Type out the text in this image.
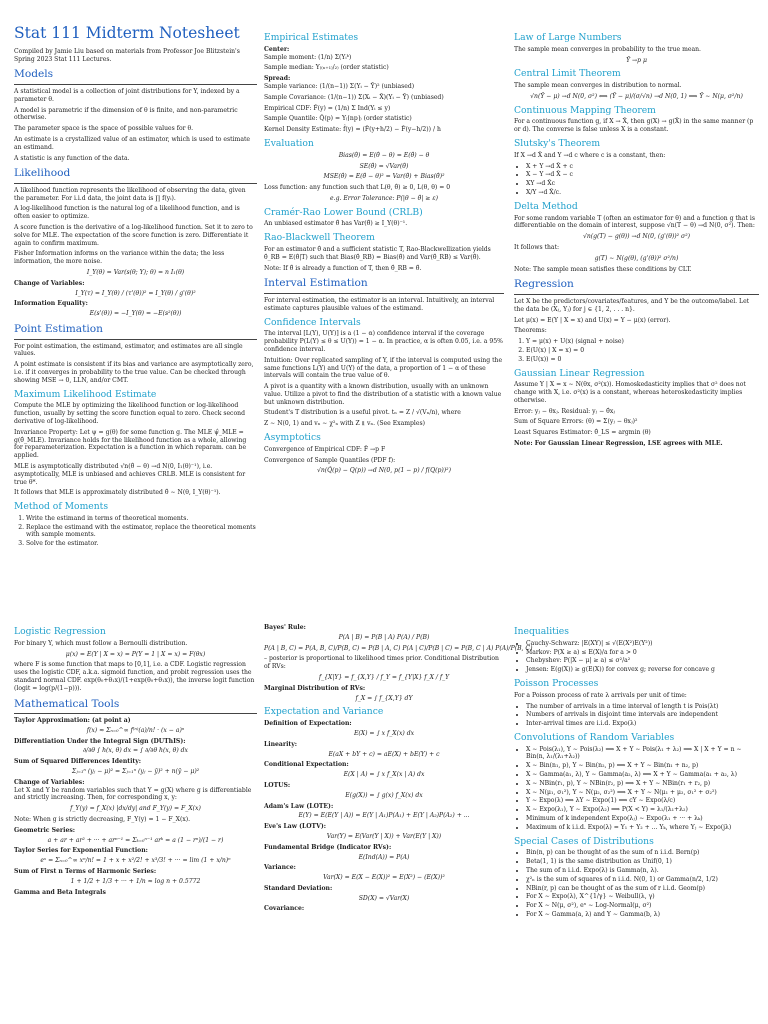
Stat 111 Midterm Notesheet
Compiled by Jamie Liu based on materials from Professor Joe Blitzstein's Spring 2023 Stat 111 Lectures.
Models
A statistical model is a collection of joint distributions for Y, indexed by a parameter θ.
A model is parametric if the dimension of θ is finite, and non-parametric otherwise.
The parameter space is the space of possible values for θ.
An estimate is a crystallized value of an estimator, which is used to estimate an estimand.
A statistic is any function of the data.
Likelihood
A likelihood function represents the likelihood of observing the data, given the parameter. For i.i.d data, the joint data is ∏ f(yᵢ).
A log-likelihood function is the natural log of a likelihood function, and is often easier to optimize.
A score function is the derivative of a log-likelihood function. Set it to zero to solve for MLE. The expectation of the score function is zero. Differentiate it again to confirm maximum.
Fisher Information informs on the variance within the data; the less information, the more noise.
I_Y(θ) = Var(s(θ; Y); θ) = n I₁(θ)
Change of Variables:
I_Y(τ) = I_Y(θ) / (τ'(θ))² = I_Y(θ) / g'(θ)²
Information Equality:
E(s'(θ)) = −I_Y(θ) = −E(s²(θ))
Point Estimation
For point estimation, the estimand, estimator, and estimates are all single values.
A point estimate is consistent if its bias and variance are asymptotically zero, i.e. if it converges in probability to the true value. Can be checked through showing MSE → 0, LLN, and/or CMT.
Maximum Likelihood Estimate
Compute the MLE by optimizing the likelihood function or log-likelihood function, usually by setting the score function equal to zero. Check second derivative of log-likelihood.
Invariance Property: Let ψ = g(θ) for some function g. The MLE ψ̂_MLE = g(θ̂_MLE). Invariance holds for the likelihood function as a whole, allowing for reparameterization. Expectation is a function in which reparam. can be applied.
MLE is asymptotically distributed √n(θ̂ − θ) →d N(0, I₁(θ)⁻¹), i.e. asymptotically, MLE is unbiased and achieves CRLB. MLE is consistent for true θ*.
It follows that MLE is approximately distributed θ̂ ∼ N(θ, I_Y(θ)⁻¹).
Method of Moments
1. Write the estimand in terms of theoretical moments.
2. Replace the estimand with the estimator, replace the theoretical moments with sample moments.
3. Solve for the estimator.
Empirical Estimates
Center:
Sample moment: (1/n) Σ(Yᵢᵏ)
Sample median: Y₍₍ₙ₊₁₎/₂₎ (order statistic)
Spread:
Sample variance: (1/(n−1)) Σ(Yᵢ − Ȳ)² (unbiased)
Sample Covariance: (1/(n−1)) Σ(Xᵢ − X̄)(Yᵢ − Ȳ) (unbiased)
Empirical CDF: F̂(y) = (1/n) Σ Ind(Yᵢ ≤ y)
Sample Quantile: Q̂(p) = Y₍⌈np⌉₎ (order statistic)
Kernel Density Estimate: f̂(y) = (F̂(y+h/2) − F̂(y−h/2)) / h
Evaluation
Bias(θ̂) = E(θ̂ − θ) = E(θ̂) − θ
SE(θ̂) = √Var(θ̂)
MSE(θ̂) = E(θ̂ − θ)² = Var(θ̂) + Bias(θ̂)²
Loss function: any function such that L(θ, θ̂) ≥ 0, L(θ, θ) = 0
e.g. Error Tolerance: P(|θ − θ̂| ≥ ε)
Cramér-Rao Lower Bound (CRLB)
An unbiased estimator θ̂ has Var(θ̂) ≥ I_Y(θ)⁻¹.
Rao-Blackwell Theorem
For an estimator θ̂ and a sufficient statistic T, Rao-Blackwellization yields θ̂_RB = E(θ̂|T) such that Bias(θ̂_RB) = Bias(θ̂) and Var(θ̂_RB) ≤ Var(θ̂).
Note: If θ̂ is already a function of T, then θ̂_RB = θ̂.
Interval Estimation
For interval estimation, the estimator is an interval. Intuitively, an interval estimate captures plausible values of the estimand.
Confidence Intervals
The interval [L(Y), U(Y)] is a (1 − α) confidence interval if the coverage probability P(L(Y) ≤ θ ≤ U(Y)) = 1 − α. In practice, α is often 0.05, i.e. a 95% confidence interval.
Intuition: Over replicated sampling of Y, if the interval is computed using the same functions L(Y) and U(Y) of the data, a proportion of 1 − α of these intervals will contain the true value of θ.
A pivot is a quantity with a known distribution, usually with an unknown value. Utilize a pivot to find the distribution of a statistic with a known value but unknown distribution.
Student's T distribution is a useful pivot. tₙ = Z / √(Vₙ/n), where
Z ∼ N(0, 1) and vₙ ∼ χ²ₙ with Z ⫫ vₙ. (See Examples)
Asymptotics
Convergence of Empirical CDF: F̂ →p F
Convergence of Sample Quantiles (PDF f):
√n(Q̂(p) − Q(p)) →d N(0, p(1 − p) / f(Q(p))²)
Law of Large Numbers
The sample mean converges in probability to the true mean.
Ȳ →p μ
Central Limit Theorem
The sample mean converges in distribution to normal.
√n(Ȳ − μ) →d N(0, σ²) ⟺ (Ȳ − μ)/(σ/√n) →d N(0, 1) ⟹ Ȳ ∼ N(μ, σ²/n)
Continuous Mapping Theorem
For a continuous function g, if X → X̂, then g(X) → g(X̂) in the same manner (p or d). The converse is false unless X is a constant.
Slutsky's Theorem
If X →d X̂ and Y →d c where c is a constant, then:
• X + Y →d X̂ + c
• X − Y →d X̂ − c
• XY →d X̂c
• X/Y →d X̂/c.
Delta Method
For some random variable T (often an estimator for θ) and a function g that is differentiable on the domain of interest, suppose √n(T − θ) →d N(0, σ²). Then:
√n(g(T) − g(θ)) →d N(0, (g'(θ))² σ²)
It follows that:
g(T) ∼ N(g(θ), (g'(θ))² σ²/n)
Note: The sample mean satisfies these conditions by CLT.
Regression
Let X be the predictors/covariates/features, and Y be the outcome/label. Let the data be (Xⱼ, Yⱼ) for j ∈ {1, 2, . . . n}.
Let μ(x) = E(Y | X = x) and U(x) = Y − μ(x) (error).
Theorems:
1. Y = μ(x) + U(x) (signal + noise)
2. E(U(x) | X = x) = 0
3. E(U(x)) = 0
Gaussian Linear Regression
Assume Y | X = x ∼ N(θx, σ²(x)). Homoskedasticity implies that σ² does not change with X, i.e. σ²(x) is a constant, whereas heteroskedasticity implies otherwise.
Error: yⱼ − θxⱼ. Residual: yⱼ − θ̂xⱼ
Sum of Square Errors: (θ) = Σ(yⱼ − θxⱼ)²
Least Squares Estimator: θ̂_LS = argmin (θ)
Note: For Gaussian Linear Regression, LSE agrees with MLE.
Logistic Regression
For binary Y, which must follow a Bernoulli distribution.
μ(x) = E(Y | X = x) = P(Y = 1 | X = x) = F(θx)
where F is some function that maps to [0,1], i.e. a CDF. Logistic regression uses the logistic CDF, a.k.a. sigmoid function, and probit regression uses the standard normal CDF. exp(θ₀+θ₁x)/(1+exp(θ₀+θ₁x)), the inverse logit function (logit = log(p/(1−p))).
Mathematical Tools
Taylor Approximation: (at point a)
f(x) ≈ Σₙ₌₀^∞ f⁽ⁿ⁾(a)/n! · (x − a)ⁿ
Differentiation Under the Integral Sign (DUThIS):
∂/∂θ ∫ h(x, θ) dx = ∫ ∂/∂θ h(x, θ) dx
Sum of Squared Differences Identity:
Σⱼ₌₁ⁿ (yⱼ − μ)² = Σⱼ₌₁ⁿ (yⱼ − ȳ)² + n(ȳ − μ)²
Change of Variables:
Let X and Y be random variables such that Y = g(X) where g is differentiable and strictly increasing. Then, for corresponding x, y:
f_Y(y) = f_X(x) |dx/dy| and F_Y(y) = F_X(x)
Note: When g is strictly decreasing, F_Y(y) = 1 − F_X(x).
Geometric Series:
a + ar + ar² + ··· + arⁿ⁻¹ = Σₖ₌₀ⁿ⁻¹ arᵏ = a (1 − rⁿ)/(1 − r)
Taylor Series for Exponential Function:
eˣ = Σₙ₌₀^∞ xⁿ/n! = 1 + x + x²/2! + x³/3! + ··· = lim (1 + x/n)ⁿ
Sum of First n Terms of Harmonic Series:
1 + 1/2 + 1/3 + ··· + 1/n ≈ log n + 0.5772
Gamma and Beta Integrals
Bayes' Rule:
P(A | B) = P(B | A) P(A) / P(B)
P(A | B, C) = P(A, B, C)/P(B, C) = P(B | A, C) P(A | C)/P(B | C) = P(B, C | A) P(A)/P(B, C)
– posterior is proportional to likelihood times prior. Conditional Distribution of RVs:
f_{X|Y} = f_{X,Y} / f_Y = f_{Y|X} f_X / f_Y
Marginal Distribution of RVs:
f_X = ∫ f_{X,Y} dY
Expectation and Variance
Definition of Expectation:
E(X) = ∫ x f_X(x) dx
Linearity:
E(aX + bY + c) = aE(X) + bE(Y) + c
Conditional Expectation:
E(X | A) = ∫ x f_X(x | A) dx
LOTUS:
E(g(X)) = ∫ g(x) f_X(x) dx
Adam's Law (LOTE):
E(Y) = E(E(Y | A)) = E(Y | A₁)P(A₁) + E(Y | A₂)P(A₂) + ...
Eve's Law (LOTV):
Var(Y) = E(Var(Y | X)) + Var(E(Y | X))
Fundamental Bridge (Indicator RVs):
E(Ind(A)) = P(A)
Variance:
Var(X) = E(X − E(X))² = E(X²) − (E(X))²
Standard Deviation:
SD(X) = √Var(X)
Covariance:
Inequalities
• Cauchy-Schwarz: |E(XY)| ≤ √(E(X²)E(Y²))
• Markov: P(X ≥ a) ≤ E(X)/a for a > 0
• Chebyshev: P(|X − μ| ≥ a) ≤ σ²/a²
• Jensen: E(g(X)) ≥ g(E(X)) for convex g; reverse for concave g
Poisson Processes
For a Poisson process of rate λ arrivals per unit of time:
• The number of arrivals in a time interval of length t is Pois(λt)
• Numbers of arrivals in disjoint time intervals are independent
• Inter-arrival times are i.i.d. Expo(λ)
Convolutions of Random Variables
• X ∼ Pois(λ₁), Y ∼ Pois(λ₂) ⟹ X + Y ∼ Pois(λ₁ + λ₂) ⟹ X | X + Y = n ∼ Bin(n, λ₁/(λ₁+λ₂))
• X ∼ Bin(n₁, p), Y ∼ Bin(n₂, p) ⟹ X + Y ∼ Bin(n₁ + n₂, p)
• X ∼ Gamma(a₁, λ), Y ∼ Gamma(a₂, λ) ⟹ X + Y ∼ Gamma(a₁ + a₂, λ)
• X ∼ NBin(r₁, p), Y ∼ NBin(r₂, p) ⟹ X + Y ∼ NBin(r₁ + r₂, p)
• X ∼ N(μ₁, σ₁²), Y ∼ N(μ₂, σ₂²) ⟹ X + Y ∼ N(μ₁ + μ₂, σ₁² + σ₂²)
• Y ∼ Expo(λ) ⟹ λY ∼ Expo(1) ⟹ cY ∼ Expo(λ/c)
• X ∼ Expo(λ₁), Y ∼ Expo(λ₂) ⟹ P(X < Y) = λ₁/(λ₁+λ₂)
• Minimum of k independent Expo(λⱼ) ∼ Expo(λ₁ + ··· + λₖ)
• Maximum of k i.i.d. Expo(λ) = Y₁ + Y₂ + ... Yₖ, where Yⱼ ∼ Expo(jλ)
Special Cases of Distributions
• Bin(n, p) can be thought of as the sum of n i.i.d. Bern(p)
• Beta(1, 1) is the same distribution as Unif(0, 1)
• The sum of n i.i.d. Expo(λ) is Gamma(n, λ).
• χ²ₙ is the sum of squares of n i.i.d. N(0, 1) or Gamma(n/2, 1/2)
• NBin(r, p) can be thought of as the sum of r i.i.d. Geom(p)
• For X ∼ Expo(λ), X^{1/γ} ∼ Weibull(λ, γ)
• For X ∼ N(μ, σ²), eˣ ∼ Log-Normal(μ, σ²)
• For X ∼ Gamma(a, λ) and Y ∼ Gamma(b, λ)
